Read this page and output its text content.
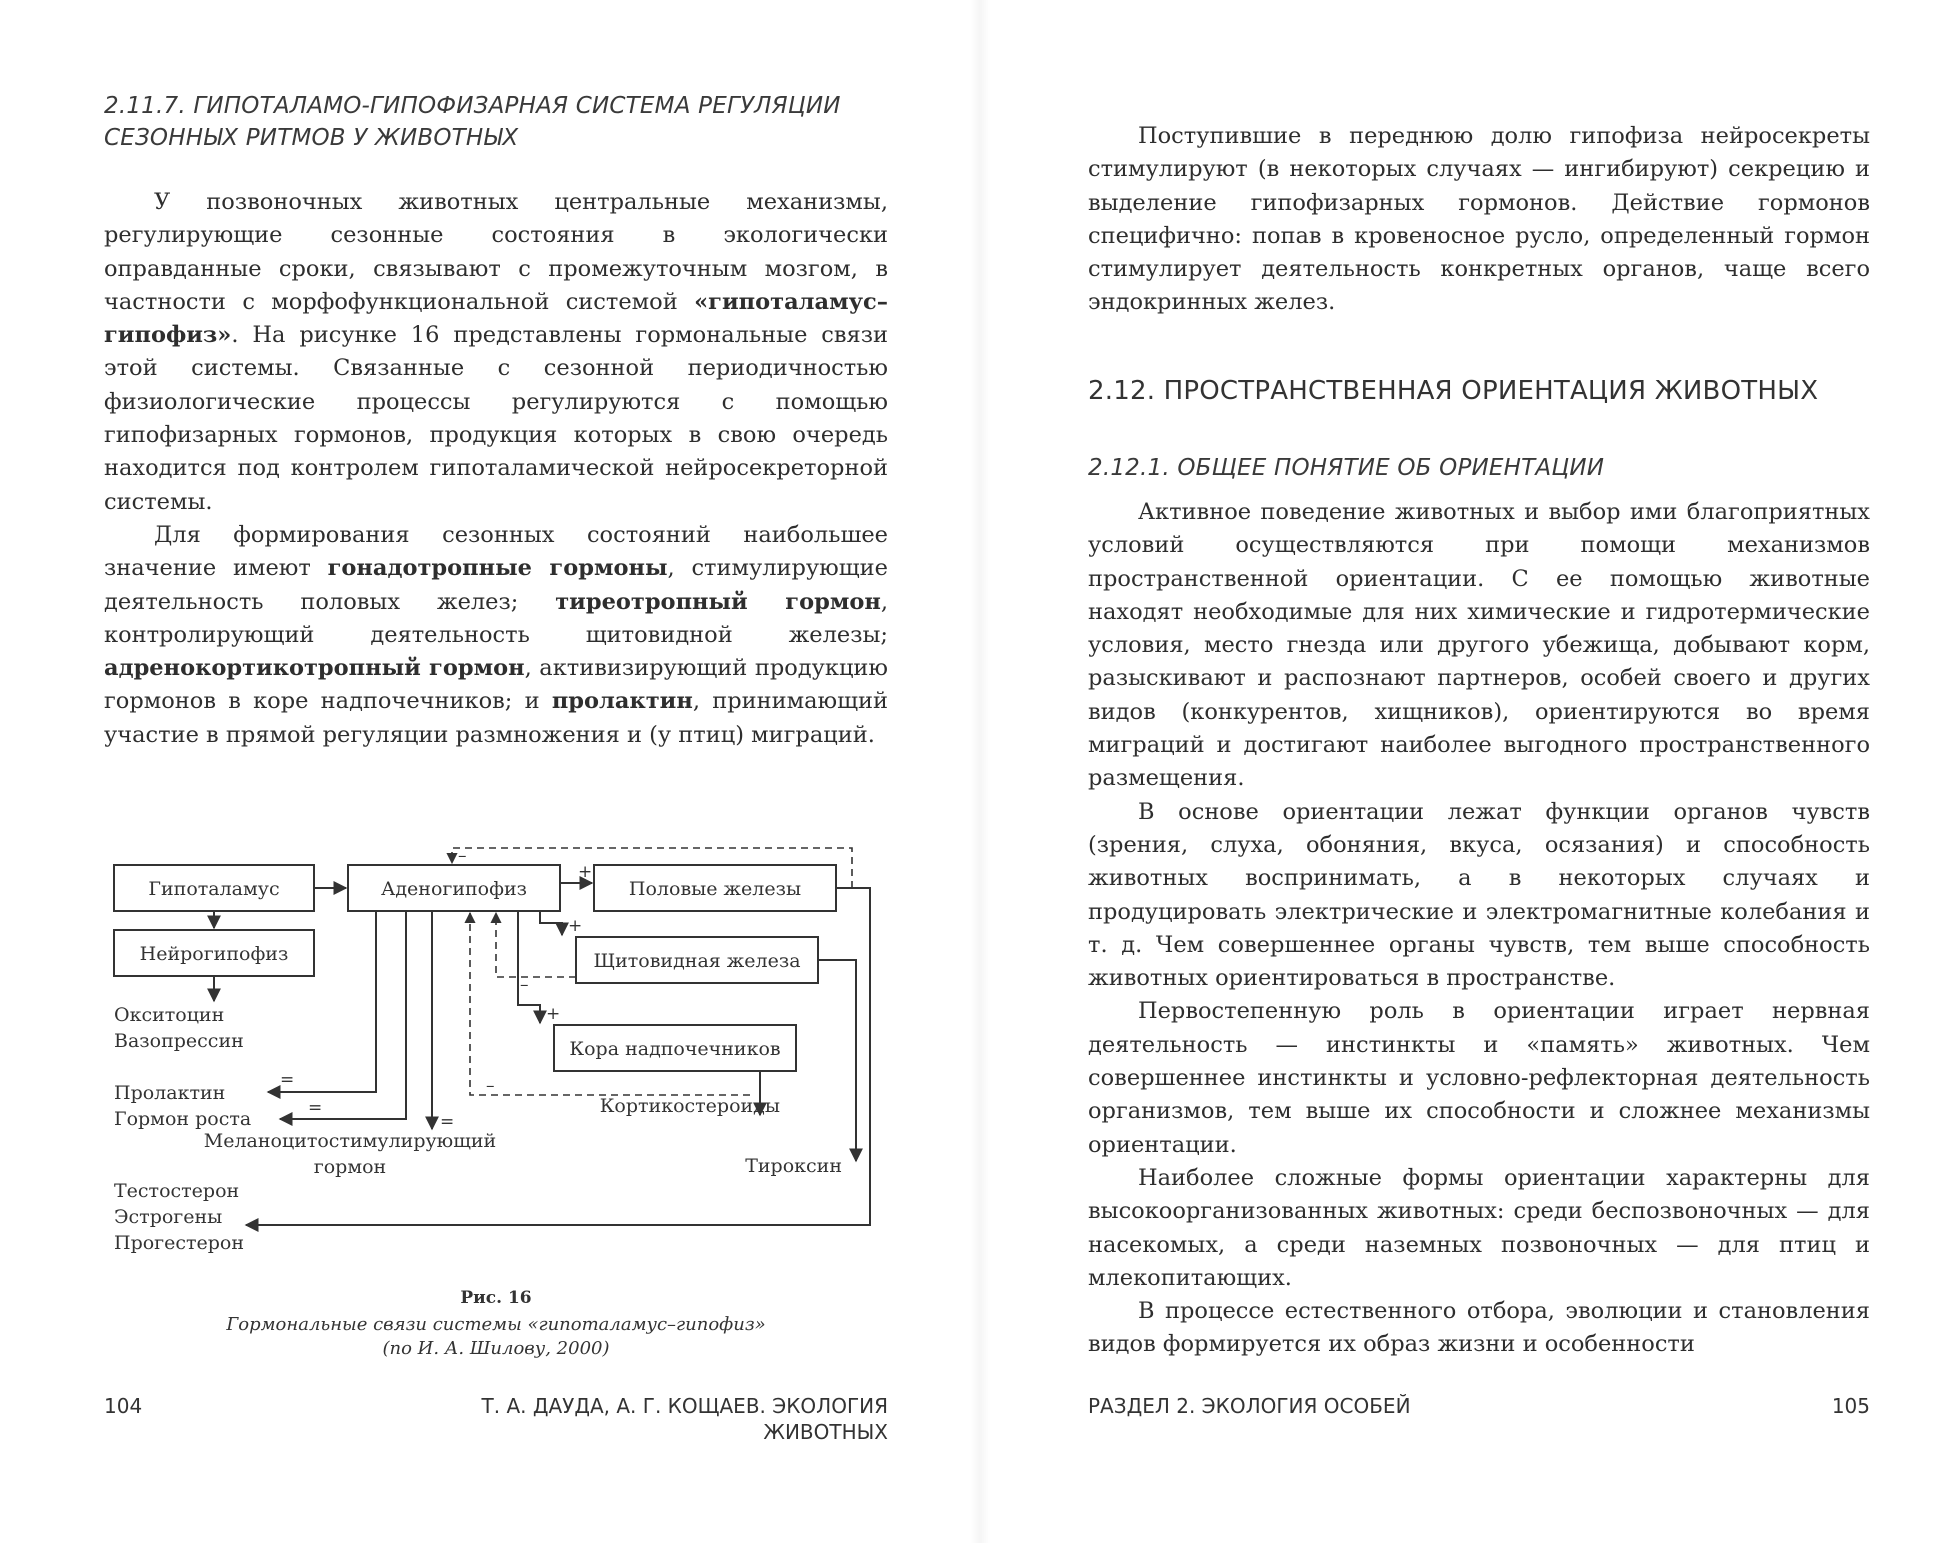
2.11.7. ГИПОТАЛАМО-ГИПОФИЗАРНАЯ СИСТЕМА РЕГУЛЯЦИИ
СЕЗОННЫХ РИТМОВ У ЖИВОТНЫХ

У позвоночных животных центральные механизмы, регулирующие сезонные состояния в экологически оправданные сроки, связывают с промежуточным мозгом, в частности с морфофункциональной системой «гипоталамус–гипофиз». На рисунке 16 представлены гормональные связи этой системы. Связанные с сезонной периодичностью физиологические процессы регулируются с помощью гипофизарных гормонов, продукция которых в свою очередь находится под контролем гипоталамической нейросекреторной системы.

Для формирования сезонных состояний наибольшее значение имеют гонадотропные гормоны, стимулирующие деятельность половых желез; тиреотропный гормон, контролирующий деятельность щитовидной железы; адренокортикотропный гормон, активизирующий продукцию гормонов в коре надпочечников; и пролактин, принимающий участие в прямой регуляции размножения и (у птиц) миграций.

Гипоталамус
Нейрогипофиз
Аденогипофиз	Половые железы
Щитовидная железа
Кора надпочечников
Окситоцин
Вазопрессин
Пролактин
Гормон роста
Меланоцитостимулирующий
гормон
Кортикостероиды
Тироксин
Тестостерон
Эстрогены
Прогестерон
+
+
+
–
–
–
=
=
=
Рис. 16
Гормональные связи системы «гипоталамус–гипофиз»
(по И. А. Шилову, 2000)
104	Т. А. ДАУДА, А. Г. КОЩАЕВ. ЭКОЛОГИЯ ЖИВОТНЫХ

Поступившие в переднюю долю гипофиза нейросекреты стимулируют (в некоторых случаях — ингибируют) секрецию и выделение гипофизарных гормонов. Действие гормонов специфично: попав в кровеносное русло, определенный гормон стимулирует деятельность конкретных органов, чаще всего эндокринных желез.

2.12. ПРОСТРАНСТВЕННАЯ ОРИЕНТАЦИЯ ЖИВОТНЫХ
2.12.1. ОБЩЕЕ ПОНЯТИЕ ОБ ОРИЕНТАЦИИ

Активное поведение животных и выбор ими благоприятных условий осуществляются при помощи механизмов пространственной ориентации. С ее помощью животные находят необходимые для них химические и гидротермические условия, место гнезда или другого убежища, добывают корм, разыскивают и распознают партнеров, особей своего и других видов (конкурентов, хищников), ориентируются во время миграций и достигают наиболее выгодного пространственного размещения.

В основе ориентации лежат функции органов чувств (зрения, слуха, обоняния, вкуса, осязания) и способность животных воспринимать, а в некоторых случаях и продуцировать электрические и электромагнитные колебания и т. д. Чем совершеннее органы чувств, тем выше способность животных ориентироваться в пространстве.

Первостепенную роль в ориентации играет нервная деятельность — инстинкты и «память» животных. Чем совершеннее инстинкты и условно-рефлекторная деятельность организмов, тем выше их способности и сложнее механизмы ориентации.

Наиболее сложные формы ориентации характерны для высокоорганизованных животных: среди беспозвоночных — для насекомых, а среди наземных позвоночных — для птиц и млекопитающих.

В процессе естественного отбора, эволюции и становления видов формируется их образ жизни и особенности

РАЗДЕЛ 2. ЭКОЛОГИЯ ОСОБЕЙ	105
